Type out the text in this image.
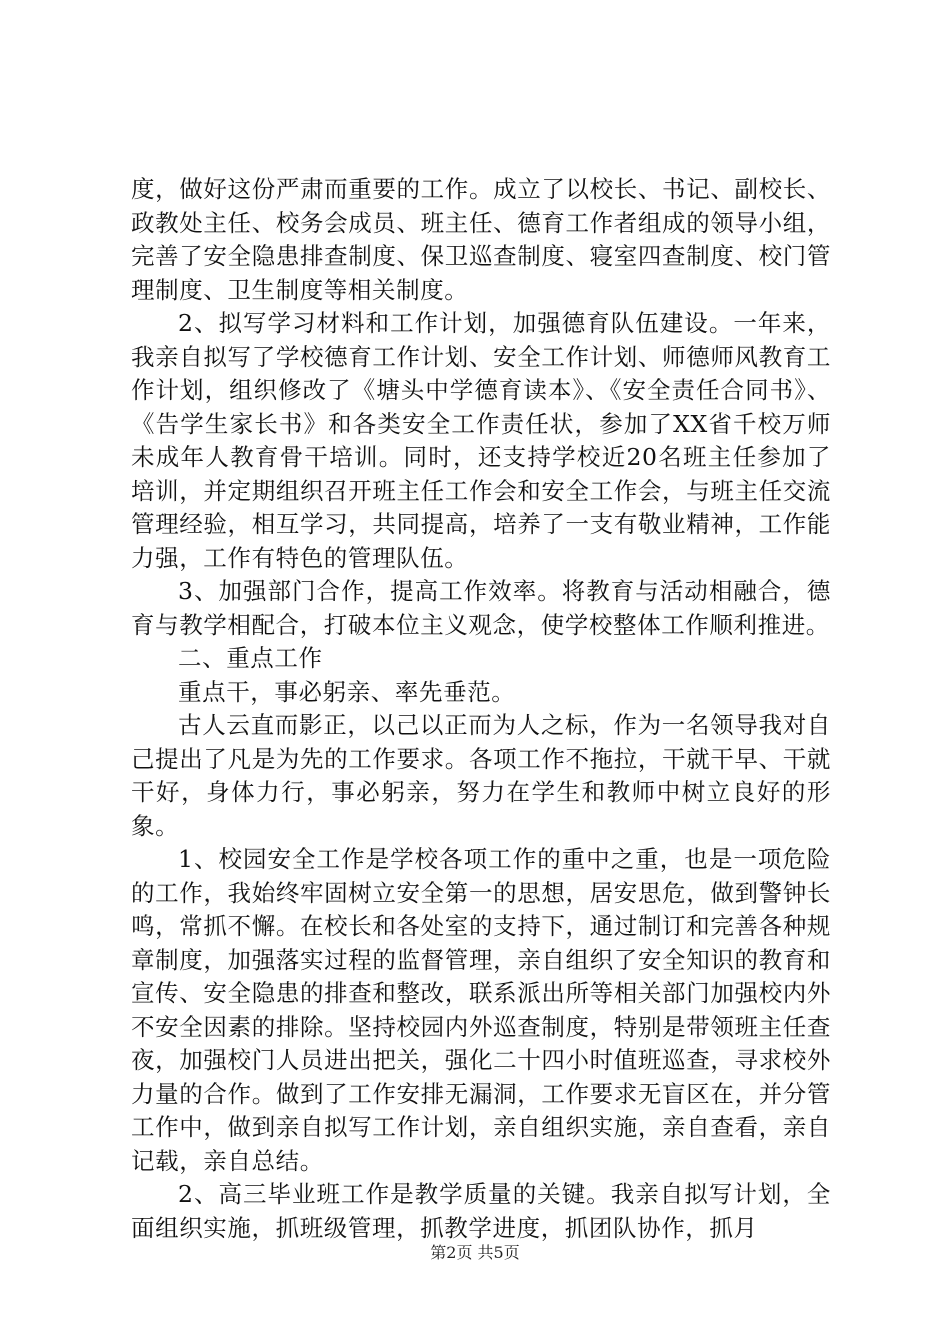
度，做好这份严肃而重要的工作。成立了以校长、书记、副校长、政教处主任、校务会成员、班主任、德育工作者组成的领导小组，完善了安全隐患排查制度、保卫巡查制度、寝室四查制度、校门管理制度、卫生制度等相关制度。

2、拟写学习材料和工作计划，加强德育队伍建设。一年来，我亲自拟写了学校德育工作计划、安全工作计划、师德师风教育工作计划，组织修改了《塘头中学德育读本》、《安全责任合同书》、《告学生家长书》和各类安全工作责任状，参加了XX省千校万师未成年人教育骨干培训。同时，还支持学校近20名班主任参加了培训，并定期组织召开班主任工作会和安全工作会，与班主任交流管理经验，相互学习，共同提高，培养了一支有敬业精神，工作能力强，工作有特色的管理队伍。

3、加强部门合作，提高工作效率。将教育与活动相融合，德育与教学相配合，打破本位主义观念，使学校整体工作顺利推进。

二、重点工作

重点干，事必躬亲、率先垂范。

古人云直而影正，以己以正而为人之标，作为一名领导我对自己提出了凡是为先的工作要求。各项工作不拖拉，干就干早、干就干好，身体力行，事必躬亲，努力在学生和教师中树立良好的形象。

1、校园安全工作是学校各项工作的重中之重，也是一项危险的工作，我始终牢固树立安全第一的思想，居安思危，做到警钟长鸣，常抓不懈。在校长和各处室的支持下，通过制订和完善各种规章制度，加强落实过程的监督管理，亲自组织了安全知识的教育和宣传、安全隐患的排查和整改，联系派出所等相关部门加强校内外不安全因素的排除。坚持校园内外巡查制度，特别是带领班主任查夜，加强校门人员进出把关，强化二十四小时值班巡查，寻求校外力量的合作。做到了工作安排无漏洞，工作要求无盲区在，并分管工作中，做到亲自拟写工作计划，亲自组织实施，亲自查看，亲自记载，亲自总结。

2、高三毕业班工作是教学质量的关键。我亲自拟写计划，全面组织实施，抓班级管理，抓教学进度，抓团队协作，抓月

第2页 共5页
